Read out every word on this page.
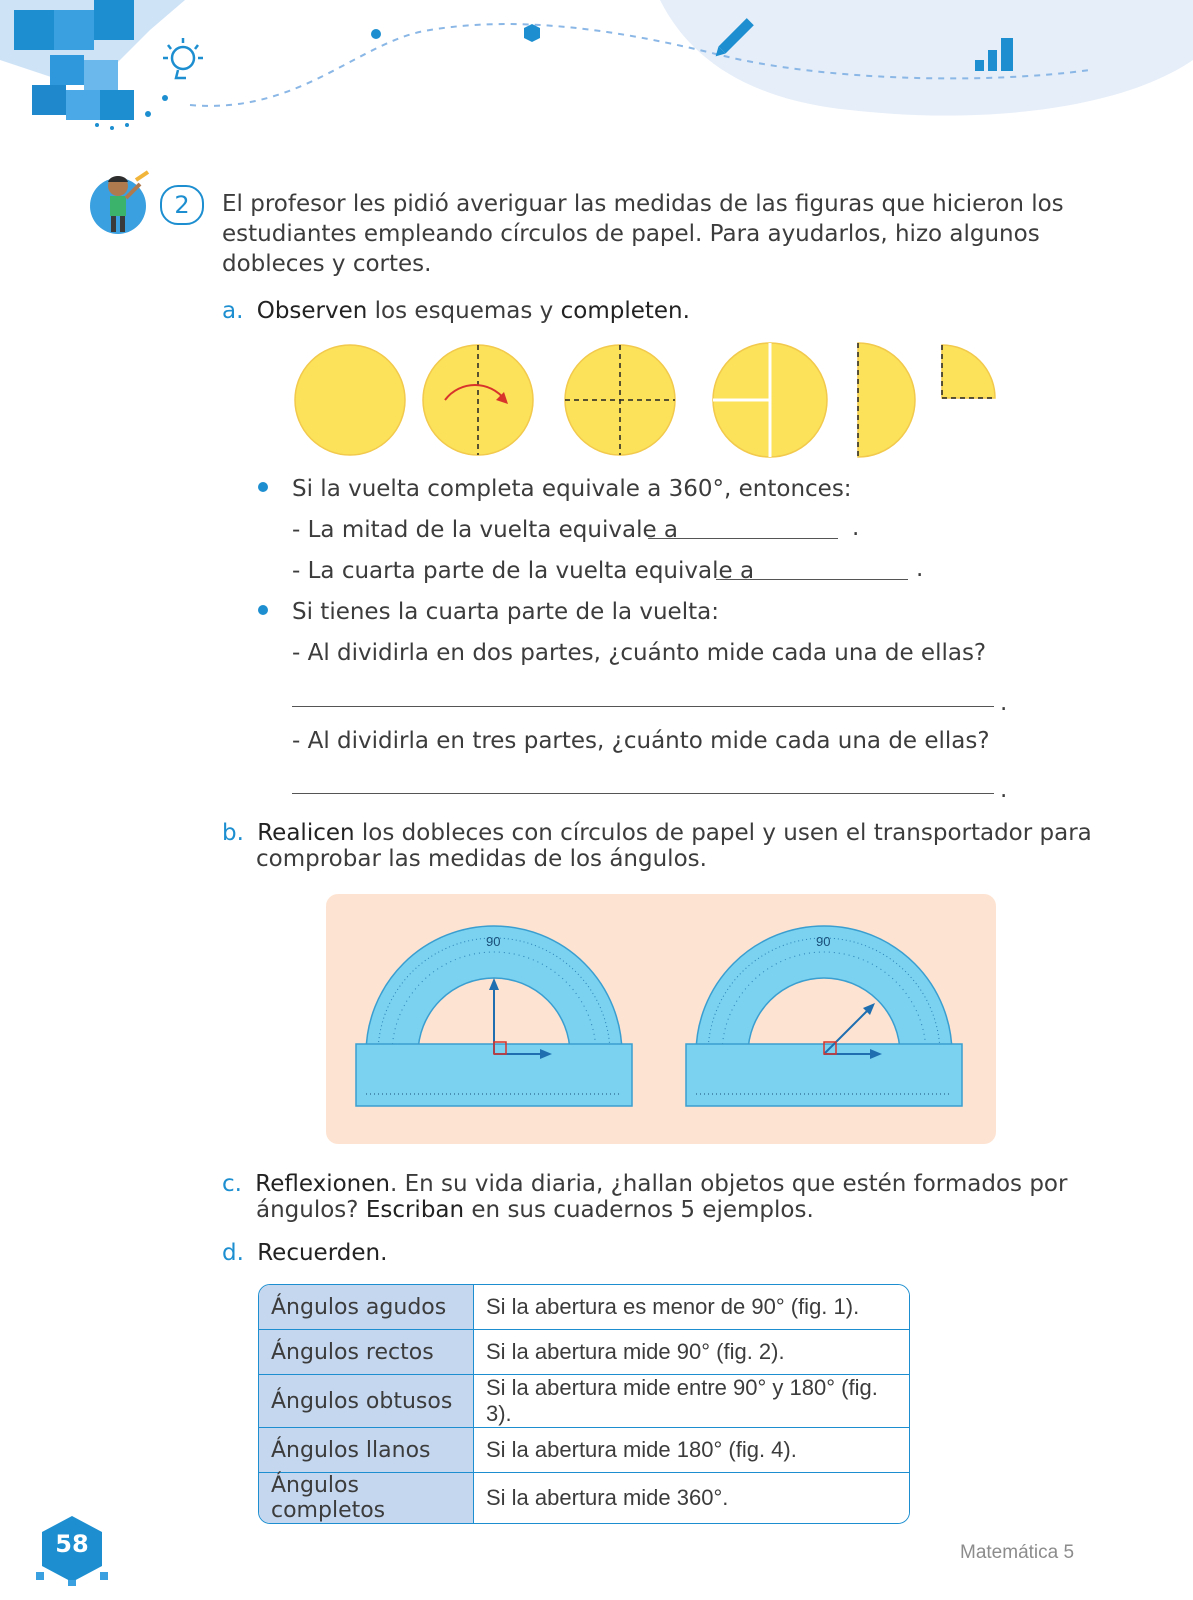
2	El profesor les pidió averiguar las medidas de las figuras que hicieron los estudiantes empleando círculos de papel. Para ayudarlos, hizo algunos dobleces y cortes.
a. Observen los esquemas y completen.
Si la vuelta completa equivale a 360°, entonces:
- La mitad de la vuelta equivale a	.
- La cuarta parte de la vuelta equivale a	.
Si tienes la cuarta parte de la vuelta:
- Al dividirla en dos partes, ¿cuánto mide cada una de ellas?
.
- Al dividirla en tres partes, ¿cuánto mide cada una de ellas?
.
b. Realicen los dobleces con círculos de papel y usen el transportador para
comprobar las medidas de los ángulos.
90	90
c. Reflexionen. En su vida diaria, ¿hallan objetos que estén formados por
ángulos? Escriban en sus cuadernos 5 ejemplos.
d. Recuerden.
Ángulos agudos	Si la abertura es menor de 90° (fig. 1).
Ángulos rectos	Si la abertura mide 90° (fig. 2).
Ángulos obtusos	Si la abertura mide entre 90° y 180° (fig. 3).
Ángulos llanos	Si la abertura mide 180° (fig. 4).
Ángulos completos	Si la abertura mide 360°.
58	Matemática 5
